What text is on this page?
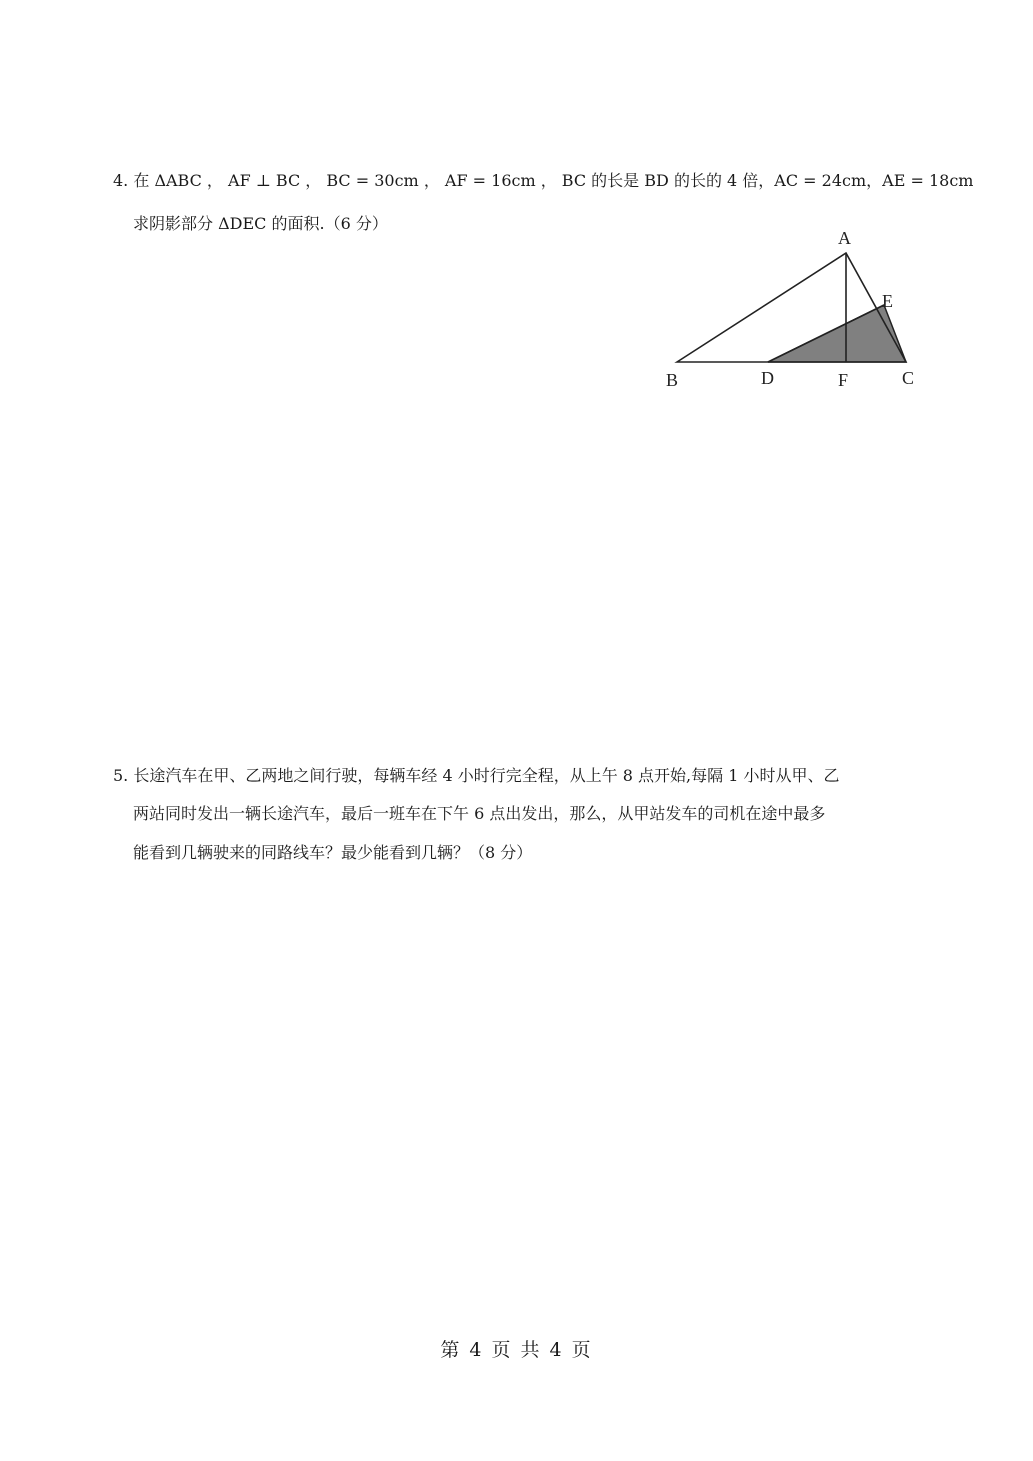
4. 在 ΔABC ， AF ⊥ BC ， BC = 30cm ， AF = 16cm ， BC 的长是 BD 的长的 4 倍，AC = 24cm，AE = 18cm
求阴影部分 ΔDEC 的面积.（6 分）
A
E
B	D	F	C
5. 长途汽车在甲、乙两地之间行驶，每辆车经 4 小时行完全程，从上午 8 点开始,每隔 1 小时从甲、乙
两站同时发出一辆长途汽车，最后一班车在下午 6 点出发出，那么，从甲站发车的司机在途中最多
能看到几辆驶来的同路线车？最少能看到几辆？（8 分）
第 4 页 共 4 页
